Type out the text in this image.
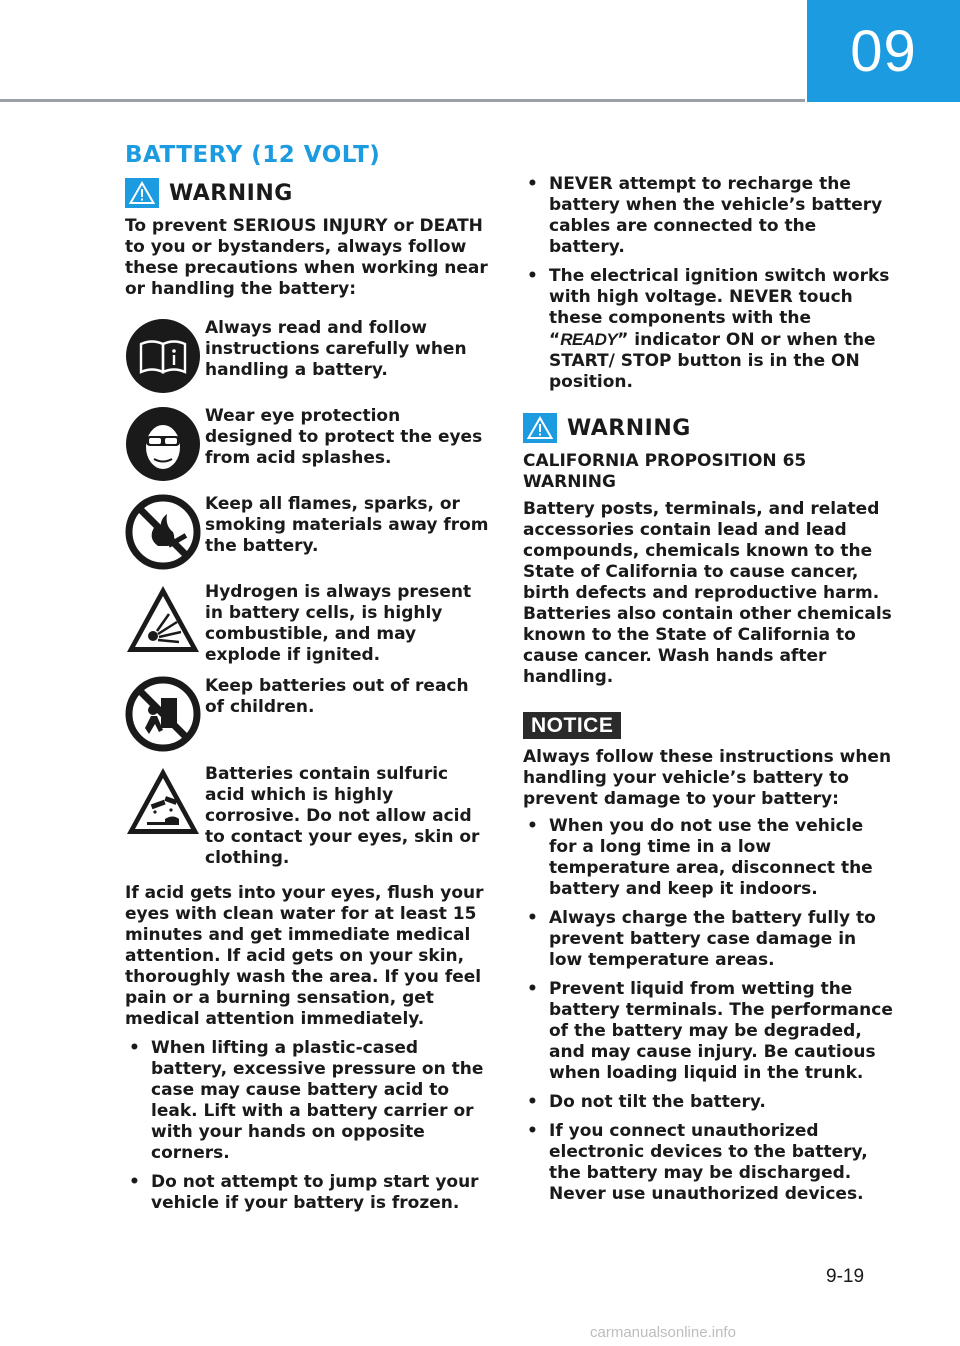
09
BATTERY (12 VOLT)
WARNING

To prevent SERIOUS INJURY or DEATH to you or bystanders, always follow these precautions when working near or handling the battery:

Always read and follow instructions carefully when handling a battery.
Wear eye protection designed to protect the eyes from acid splashes.
Keep all flames, sparks, or smoking materials away from the battery.
Hydrogen is always present in battery cells, is highly combustible, and may explode if ignited.
Keep batteries out of reach of children.
Batteries contain sulfuric acid which is highly corrosive. Do not allow acid to contact your eyes, skin or clothing.

If acid gets into your eyes, flush your eyes with clean water for at least 15 minutes and get immediate medical attention. If acid gets on your skin, thoroughly wash the area. If you feel pain or a burning sensation, get medical attention immediately.

• When lifting a plastic-cased battery, excessive pressure on the case may cause battery acid to leak. Lift with a battery carrier or with your hands on opposite corners.
• Do not attempt to jump start your vehicle if your battery is frozen.
• NEVER attempt to recharge the battery when the vehicle’s battery cables are connected to the battery.
• The electrical ignition switch works with high voltage. NEVER touch these components with the “READY” indicator ON or when the START/ STOP button is in the ON position.
WARNING

CALIFORNIA PROPOSITION 65 WARNING

Battery posts, terminals, and related accessories contain lead and lead compounds, chemicals known to the State of California to cause cancer, birth defects and reproductive harm. Batteries also contain other chemicals known to the State of California to cause cancer. Wash hands after handling.

NOTICE

Always follow these instructions when handling your vehicle’s battery to prevent damage to your battery:

• When you do not use the vehicle for a long time in a low temperature area, disconnect the battery and keep it indoors.
• Always charge the battery fully to prevent battery case damage in low temperature areas.
• Prevent liquid from wetting the battery terminals. The performance of the battery may be degraded, and may cause injury. Be cautious when loading liquid in the trunk.
• Do not tilt the battery.
• If you connect unauthorized electronic devices to the battery, the battery may be discharged. Never use unauthorized devices.
9-19
carmanualsonline.info
